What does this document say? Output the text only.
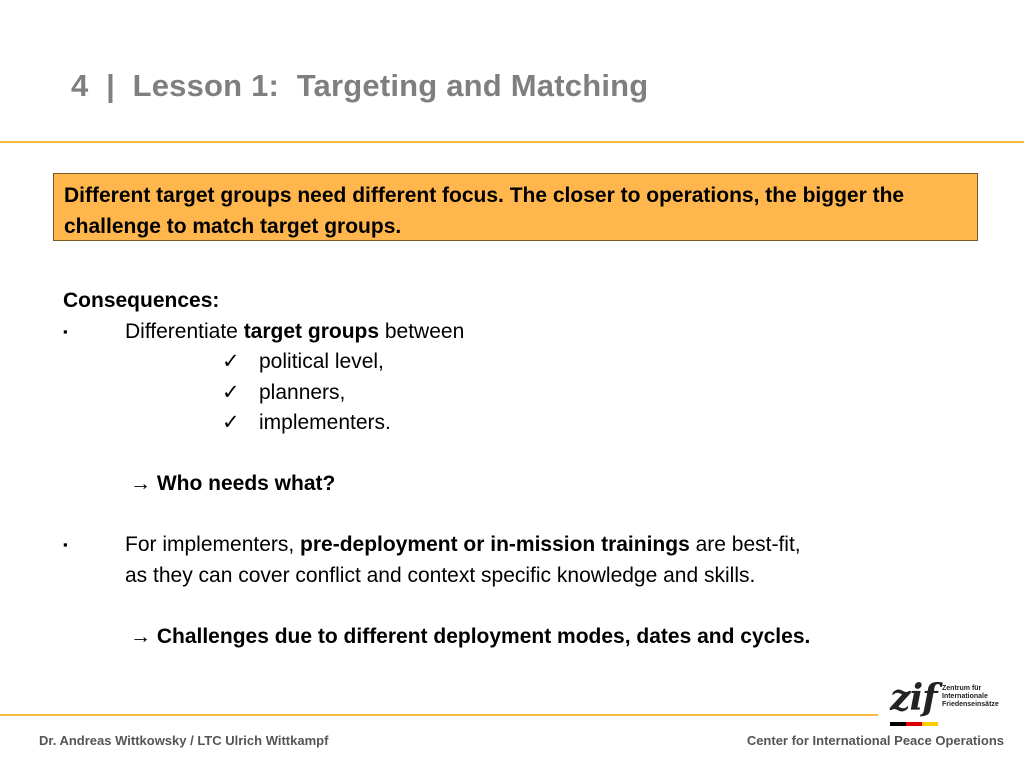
4  |  Lesson 1:  Targeting and Matching
Different target groups need different focus. The closer to operations, the bigger the challenge to match target groups.
Consequences:
▪	Differentiate target groups between
✓ political level,
✓ planners,
✓ implementers.
→ Who needs what?
▪	For implementers, pre-deployment or in-mission trainings are best-fit,
as they can cover conflict and context specific knowledge and skills.
→ Challenges due to different deployment modes, dates and cycles.
zif Zentrum für
Internationale
Friedenseinsätze
Dr. Andreas Wittkowsky / LTC Ulrich Wittkampf	Center for International Peace Operations
